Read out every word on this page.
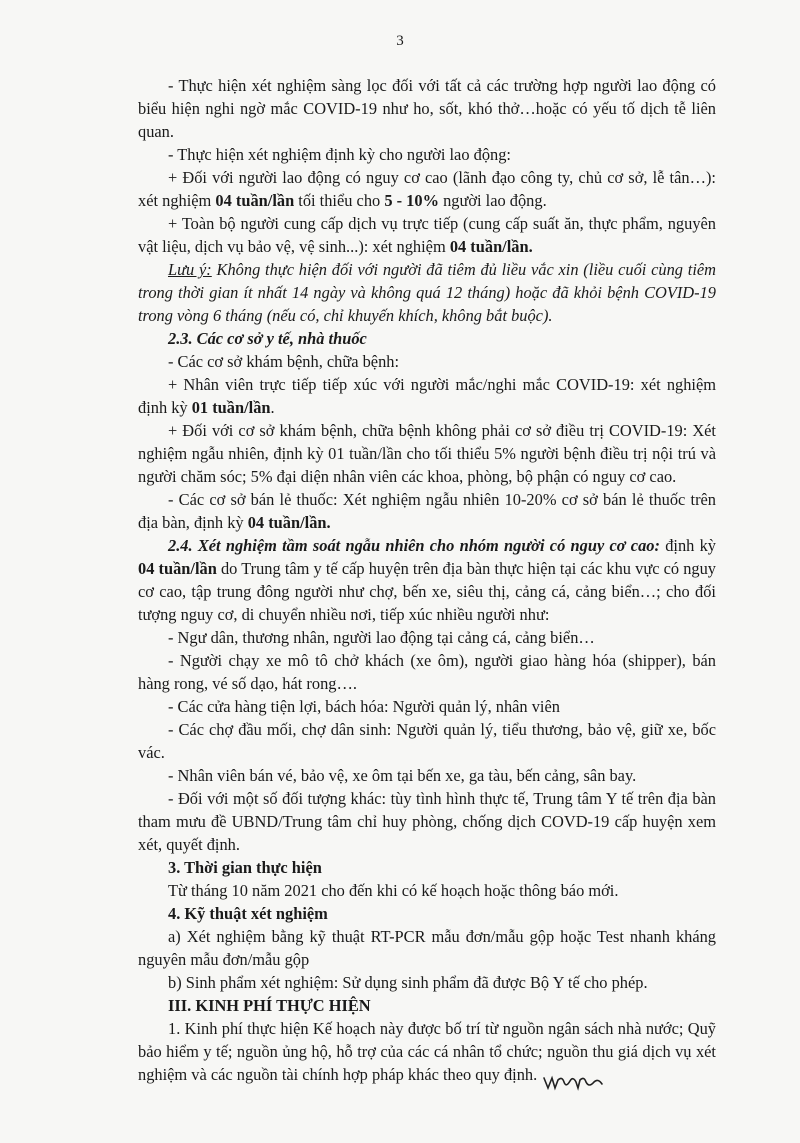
3

- Thực hiện xét nghiệm sàng lọc đối với tất cả các trường hợp người lao động có biểu hiện nghi ngờ mắc COVID-19 như ho, sốt, khó thở…hoặc có yếu tố dịch tễ liên quan.

- Thực hiện xét nghiệm định kỳ cho người lao động:

+ Đối với người lao động có nguy cơ cao (lãnh đạo công ty, chủ cơ sở, lễ tân…): xét nghiệm 04 tuần/lần tối thiểu cho 5 - 10% người lao động.

+ Toàn bộ người cung cấp dịch vụ trực tiếp (cung cấp suất ăn, thực phẩm, nguyên vật liệu, dịch vụ bảo vệ, vệ sinh...): xét nghiệm 04 tuần/lần.

Lưu ý: Không thực hiện đối với người đã tiêm đủ liều vắc xin (liều cuối cùng tiêm trong thời gian ít nhất 14 ngày và không quá 12 tháng) hoặc đã khỏi bệnh COVID-19 trong vòng 6 tháng (nếu có, chỉ khuyến khích, không bắt buộc).

2.3. Các cơ sở y tế, nhà thuốc

- Các cơ sở khám bệnh, chữa bệnh:

+ Nhân viên trực tiếp tiếp xúc với người mắc/nghi mắc COVID-19: xét nghiệm định kỳ 01 tuần/lần.

+ Đối với cơ sở khám bệnh, chữa bệnh không phải cơ sở điều trị COVID-19: Xét nghiệm ngẫu nhiên, định kỳ 01 tuần/lần cho tối thiểu 5% người bệnh điều trị nội trú và người chăm sóc; 5% đại diện nhân viên các khoa, phòng, bộ phận có nguy cơ cao.

- Các cơ sở bán lẻ thuốc: Xét nghiệm ngẫu nhiên 10-20% cơ sở bán lẻ thuốc trên địa bàn, định kỳ 04 tuần/lần.

2.4. Xét nghiệm tầm soát ngẫu nhiên cho nhóm người có nguy cơ cao: định kỳ 04 tuần/lần do Trung tâm y tế cấp huyện trên địa bàn thực hiện tại các khu vực có nguy cơ cao, tập trung đông người như chợ, bến xe, siêu thị, cảng cá, cảng biển…; cho đối tượng nguy cơ, di chuyển nhiều nơi, tiếp xúc nhiều người như:

- Ngư dân, thương nhân, người lao động tại cảng cá, cảng biển…

- Người chạy xe mô tô chở khách (xe ôm), người giao hàng hóa (shipper), bán hàng rong, vé số dạo, hát rong….

- Các cửa hàng tiện lợi, bách hóa: Người quản lý, nhân viên

- Các chợ đầu mối, chợ dân sinh: Người quản lý, tiểu thương, bảo vệ, giữ xe, bốc vác.

- Nhân viên bán vé, bảo vệ, xe ôm tại bến xe, ga tàu, bến cảng, sân bay.

- Đối với một số đối tượng khác: tùy tình hình thực tế, Trung tâm Y tế trên địa bàn tham mưu đề UBND/Trung tâm chỉ huy phòng, chống dịch COVD-19 cấp huyện xem xét, quyết định.

3. Thời gian thực hiện

Từ tháng 10 năm 2021 cho đến khi có kế hoạch hoặc thông báo mới.

4. Kỹ thuật xét nghiệm

a) Xét nghiệm bằng kỹ thuật RT-PCR mẫu đơn/mẫu gộp hoặc Test nhanh kháng nguyên mẫu đơn/mẫu gộp

b) Sinh phẩm xét nghiệm: Sử dụng sinh phẩm đã được Bộ Y tế cho phép.

III. KINH PHÍ THỰC HIỆN

1. Kinh phí thực hiện Kế hoạch này được bố trí từ nguồn ngân sách nhà nước; Quỹ bảo hiểm y tế; nguồn ủng hộ, hỗ trợ của các cá nhân tổ chức; nguồn thu giá dịch vụ xét nghiệm và các nguồn tài chính hợp pháp khác theo quy định.
